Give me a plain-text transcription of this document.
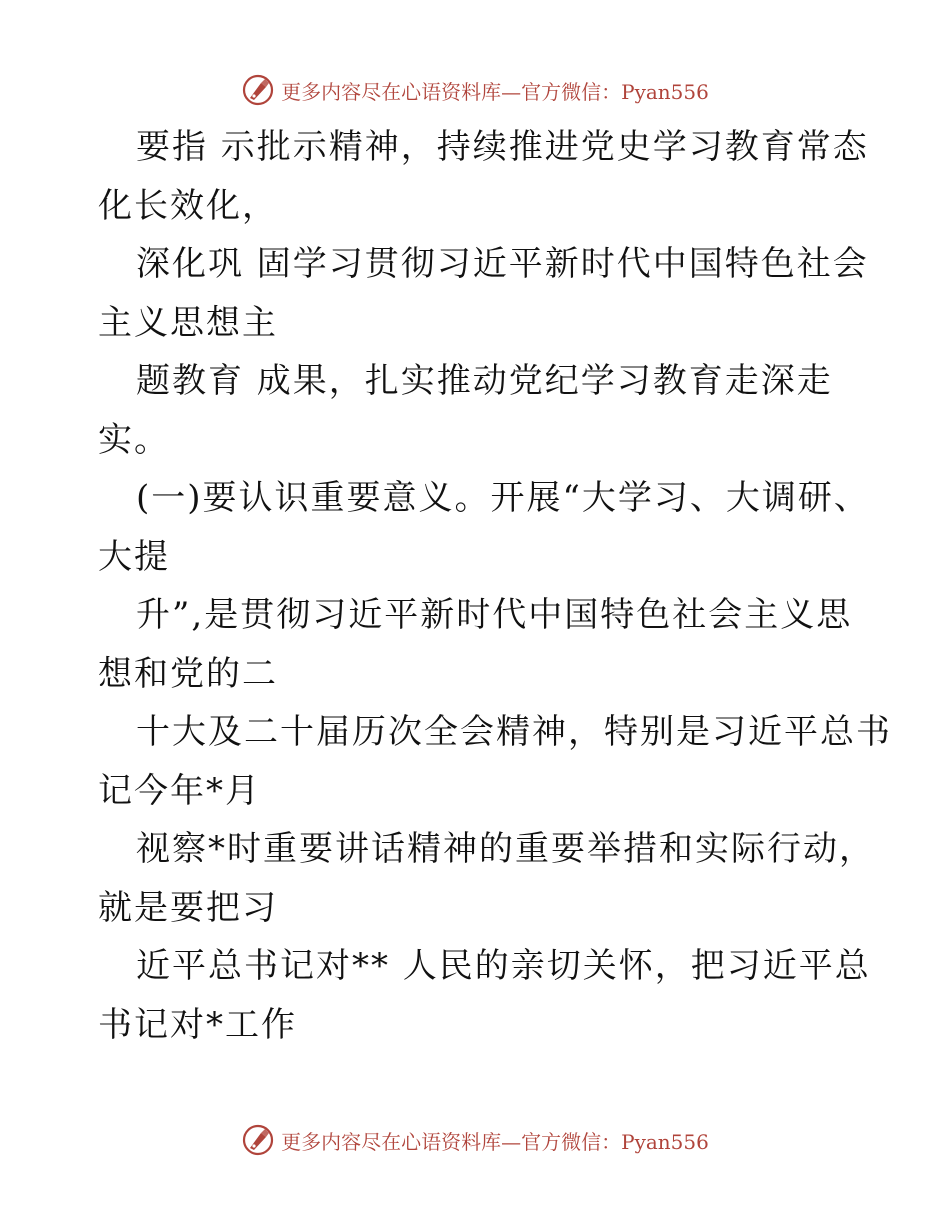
更多内容尽在心语资料库—官方微信：Pyan556
要指 示批示精神，持续推进党史学习教育常态
化长效化，
深化巩 固学习贯彻习近平新时代中国特色社会
主义思想主
题教育 成果，扎实推动党纪学习教育走深走
实。
(一)要认识重要意义。开展“大学习、大调研、
大提
升”,是贯彻习近平新时代中国特色社会主义思
想和党的二
十大及二十届历次全会精神，特别是习近平总书
记今年*月
视察*时重要讲话精神的重要举措和实际行动，
就是要把习
近平总书记对** 人民的亲切关怀，把习近平总
书记对*工作
更多内容尽在心语资料库—官方微信：Pyan556
